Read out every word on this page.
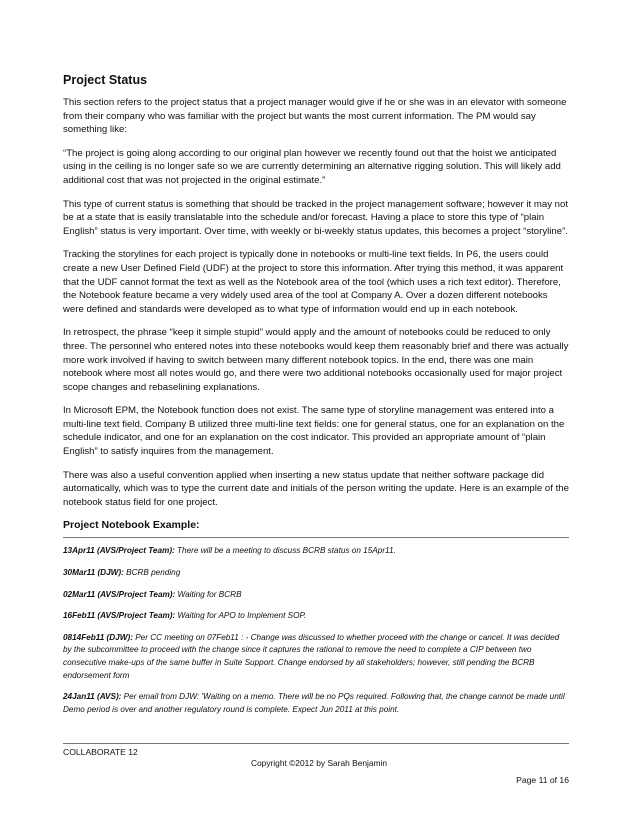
Project Status

This section refers to the project status that a project manager would give if he or she was in an elevator with someone from their company who was familiar with the project but wants the most current information. The PM would say something like:

“The project is going along according to our original plan however we recently found out that the hoist we anticipated using in the ceiling is no longer safe so we are currently determining an alternative rigging solution. This will likely add additional cost that was not projected in the original estimate.”

This type of current status is something that should be tracked in the project management software; however it may not be at a state that is easily translatable into the schedule and/or forecast. Having a place to store this type of “plain English” status is very important. Over time, with weekly or bi-weekly status updates, this becomes a project “storyline”.

Tracking the storylines for each project is typically done in notebooks or multi-line text fields. In P6, the users could create a new User Defined Field (UDF) at the project to store this information. After trying this method, it was apparent that the UDF cannot format the text as well as the Notebook area of the tool (which uses a rich text editor). Therefore, the Notebook feature became a very widely used area of the tool at Company A. Over a dozen different notebooks were defined and standards were developed as to what type of information would end up in each notebook.

In retrospect, the phrase “keep it simple stupid” would apply and the amount of notebooks could be reduced to only three. The personnel who entered notes into these notebooks would keep them reasonably brief and there was actually more work involved if having to switch between many different notebook topics. In the end, there was one main notebook where most all notes would go, and there were two additional notebooks occasionally used for major project scope changes and rebaselining explanations.

In Microsoft EPM, the Notebook function does not exist. The same type of storyline management was entered into a multi-line text field. Company B utilized three multi-line text fields: one for general status, one for an explanation on the schedule indicator, and one for an explanation on the cost indicator. This provided an appropriate amount of “plain English” to satisfy inquires from the management.

There was also a useful convention applied when inserting a new status update that neither software package did automatically, which was to type the current date and initials of the person writing the update. Here is an example of the notebook status field for one project.

Project Notebook Example:
13Apr11 (AVS/Project Team): There will be a meeting to discuss BCRB status on 15Apr11.
30Mar11 (DJW): BCRB pending
02Mar11 (AVS/Project Team): Waiting for BCRB
16Feb11 (AVS/Project Team): Waiting for APO to Implement SOP.
0814Feb11 (DJW): Per CC meeting on 07Feb11 : - Change was discussed to whether proceed with the change or cancel. It was decided by the subcommittee to proceed with the change since it captures the rational to remove the need to complete a CIP between two consecutive make-ups of the same buffer in Suite Support. Change endorsed by all stakeholders; however, still pending the BCRB endorsement form
24Jan11 (AVS): Per email from DJW: 'Waiting on a memo. There will be no PQs required. Following that, the change cannot be made until Demo period is over and another regulatory round is complete. Expect Jun 2011 at this point.
COLLABORATE 12
Copyright ©2012 by Sarah Benjamin
Page 11 of 16
